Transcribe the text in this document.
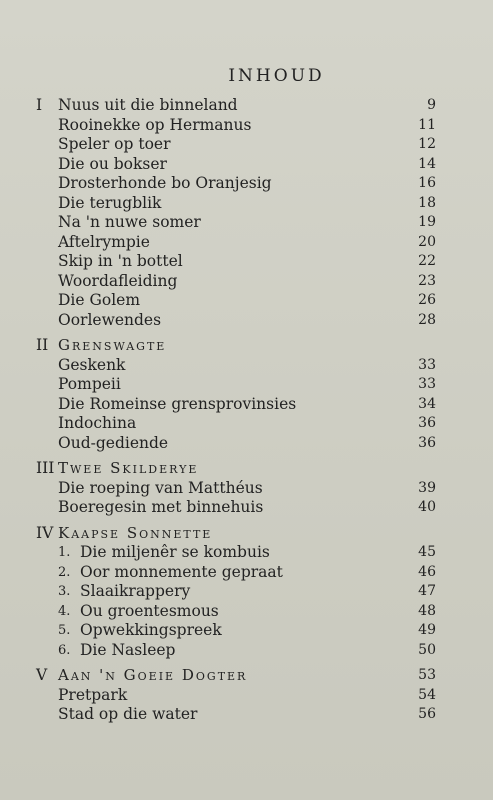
INHOUD
I	Nuus uit die binneland	9
Rooinekke op Hermanus	11
Speler op toer	12
Die ou bokser	14
Drosterhonde bo Oranjesig	16
Die terugblik	18
Na 'n nuwe somer	19
Aftelrympie	20
Skip in 'n bottel	22
Woordafleiding	23
Die Golem	26
Oorlewendes	28
II Grenswagte
Geskenk	33
Pompeii	33
Die Romeinse grensprovinsies	34
Indochina	36
Oud-gediende	36
III Twee Skilderye
Die roeping van Matthéus	39
Boeregesin met binnehuis	40
IV Kaapse Sonnette
1. Die miljenêr se kombuis	45
2. Oor monnemente gepraat	46
3. Slaaikrappery	47
4. Ou groentesmous	48
5. Opwekkingspreek	49
6. Die Nasleep	50
V Aan 'n Goeie Dogter	53
Pretpark	54
Stad op die water	56
